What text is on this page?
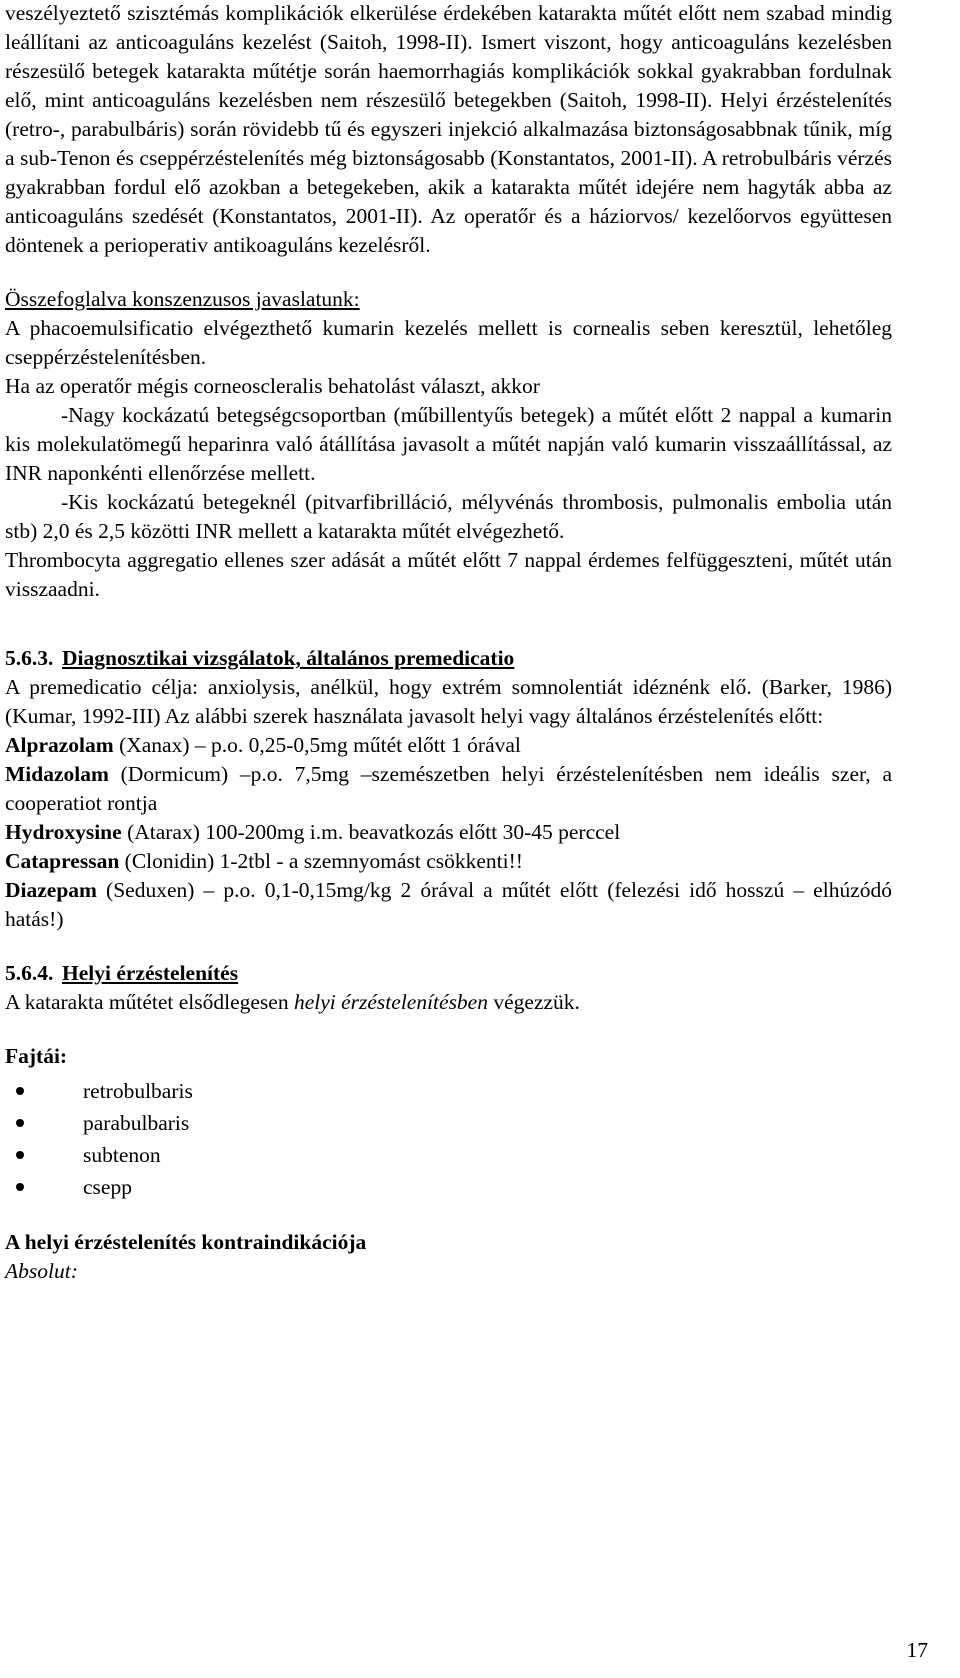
veszélyeztető szisztémás komplikációk elkerülése érdekében katarakta műtét előtt nem szabad mindig leállítani az anticoaguláns kezelést (Saitoh, 1998-II). Ismert viszont, hogy anticoaguláns kezelésben részesülő betegek katarakta műtétje során haemorrhagiás komplikációk sokkal gyakrabban fordulnak elő, mint anticoaguláns kezelésben nem részesülő betegekben (Saitoh, 1998-II). Helyi érzéstelenítés (retro-, parabulbáris) során rövidebb tű és egyszeri injekció alkalmazása biztonságosabbnak tűnik, míg a sub-Tenon és cseppérzéstelenítés még biztonságosabb (Konstantatos, 2001-II). A retrobulbáris vérzés gyakrabban fordul elő azokban a betegekeben, akik a katarakta műtét idejére nem hagyták abba az anticoaguláns szedését (Konstantatos, 2001-II). Az operatőr és a háziorvos/ kezelőorvos együttesen döntenek a perioperativ antikoaguláns kezelésről.

Összefoglalva konszenzusos javaslatunk:

A phacoemulsificatio elvégezthető kumarin kezelés mellett is cornealis seben keresztül, lehetőleg cseppérzéstelenítésben.

Ha az operatőr mégis corneoscleralis behatolást választ, akkor

-Nagy kockázatú betegségcsoportban (műbillentyűs betegek) a műtét előtt 2 nappal a kumarin kis molekulatömegű heparinra való átállítása javasolt a műtét napján való kumarin visszaállítással, az INR naponkénti ellenőrzése mellett.

-Kis kockázatú betegeknél (pitvarfibrilláció, mélyvénás thrombosis, pulmonalis embolia után stb) 2,0 és 2,5 közötti INR mellett a katarakta műtét elvégezhető.

Thrombocyta aggregatio ellenes szer adását a műtét előtt 7 nappal érdemes felfüggeszteni, műtét után visszaadni.

5.6.3. Diagnosztikai vizsgálatok, általános premedicatio

A premedicatio célja: anxiolysis, anélkül, hogy extrém somnolentiát idéznénk elő. (Barker, 1986) (Kumar, 1992-III) Az alábbi szerek használata javasolt helyi vagy általános érzéstelenítés előtt:

Alprazolam (Xanax) – p.o. 0,25-0,5mg műtét előtt 1 órával

Midazolam (Dormicum) –p.o. 7,5mg –szemészetben helyi érzéstelenítésben nem ideális szer, a cooperatiot rontja

Hydroxysine (Atarax) 100-200mg i.m. beavatkozás előtt 30-45 perccel

Catapressan (Clonidin) 1-2tbl - a szemnyomást csökkenti!!

Diazepam (Seduxen) – p.o. 0,1-0,15mg/kg 2 órával a műtét előtt (felezési idő hosszú – elhúzódó hatás!)

5.6.4. Helyi érzéstelenítés

A katarakta műtétet elsődlegesen helyi érzéstelenítésben végezzük.

Fajtái:

retrobulbaris
parabulbaris
subtenon
csepp

A helyi érzéstelenítés kontraindikációja

Absolut:

17
